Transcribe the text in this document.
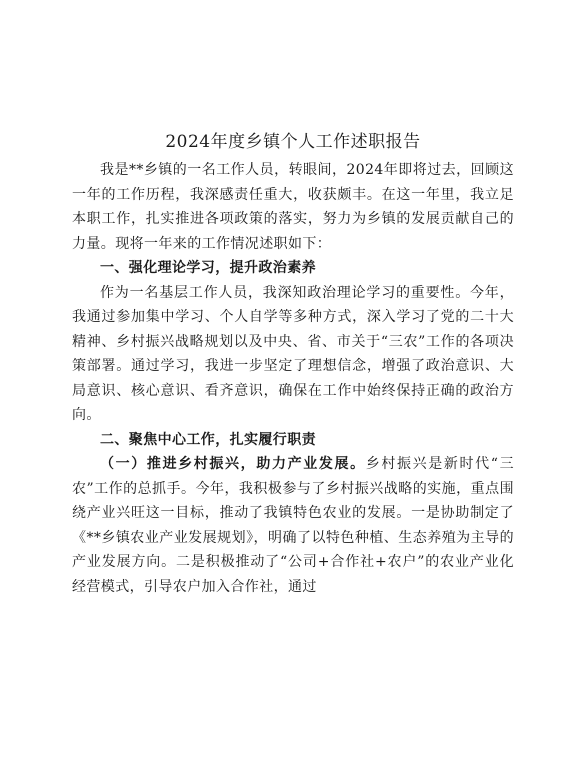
2024年度乡镇个人工作述职报告

我是**乡镇的一名工作人员，转眼间，2024年即将过去，回顾这一年的工作历程，我深感责任重大，收获颇丰。在这一年里，我立足本职工作，扎实推进各项政策的落实，努力为乡镇的发展贡献自己的力量。现将一年来的工作情况述职如下：

一、强化理论学习，提升政治素养

作为一名基层工作人员，我深知政治理论学习的重要性。今年，我通过参加集中学习、个人自学等多种方式，深入学习了党的二十大精神、乡村振兴战略规划以及中央、省、市关于“三农”工作的各项决策部署。通过学习，我进一步坚定了理想信念，增强了政治意识、大局意识、核心意识、看齐意识，确保在工作中始终保持正确的政治方向。

二、聚焦中心工作，扎实履行职责

（一）推进乡村振兴，助力产业发展。乡村振兴是新时代“三农”工作的总抓手。今年，我积极参与了乡村振兴战略的实施，重点围绕产业兴旺这一目标，推动了我镇特色农业的发展。一是协助制定了《**乡镇农业产业发展规划》，明确了以特色种植、生态养殖为主导的产业发展方向。二是积极推动了“公司+合作社+农户”的农业产业化经营模式，引导农户加入合作社，通过
